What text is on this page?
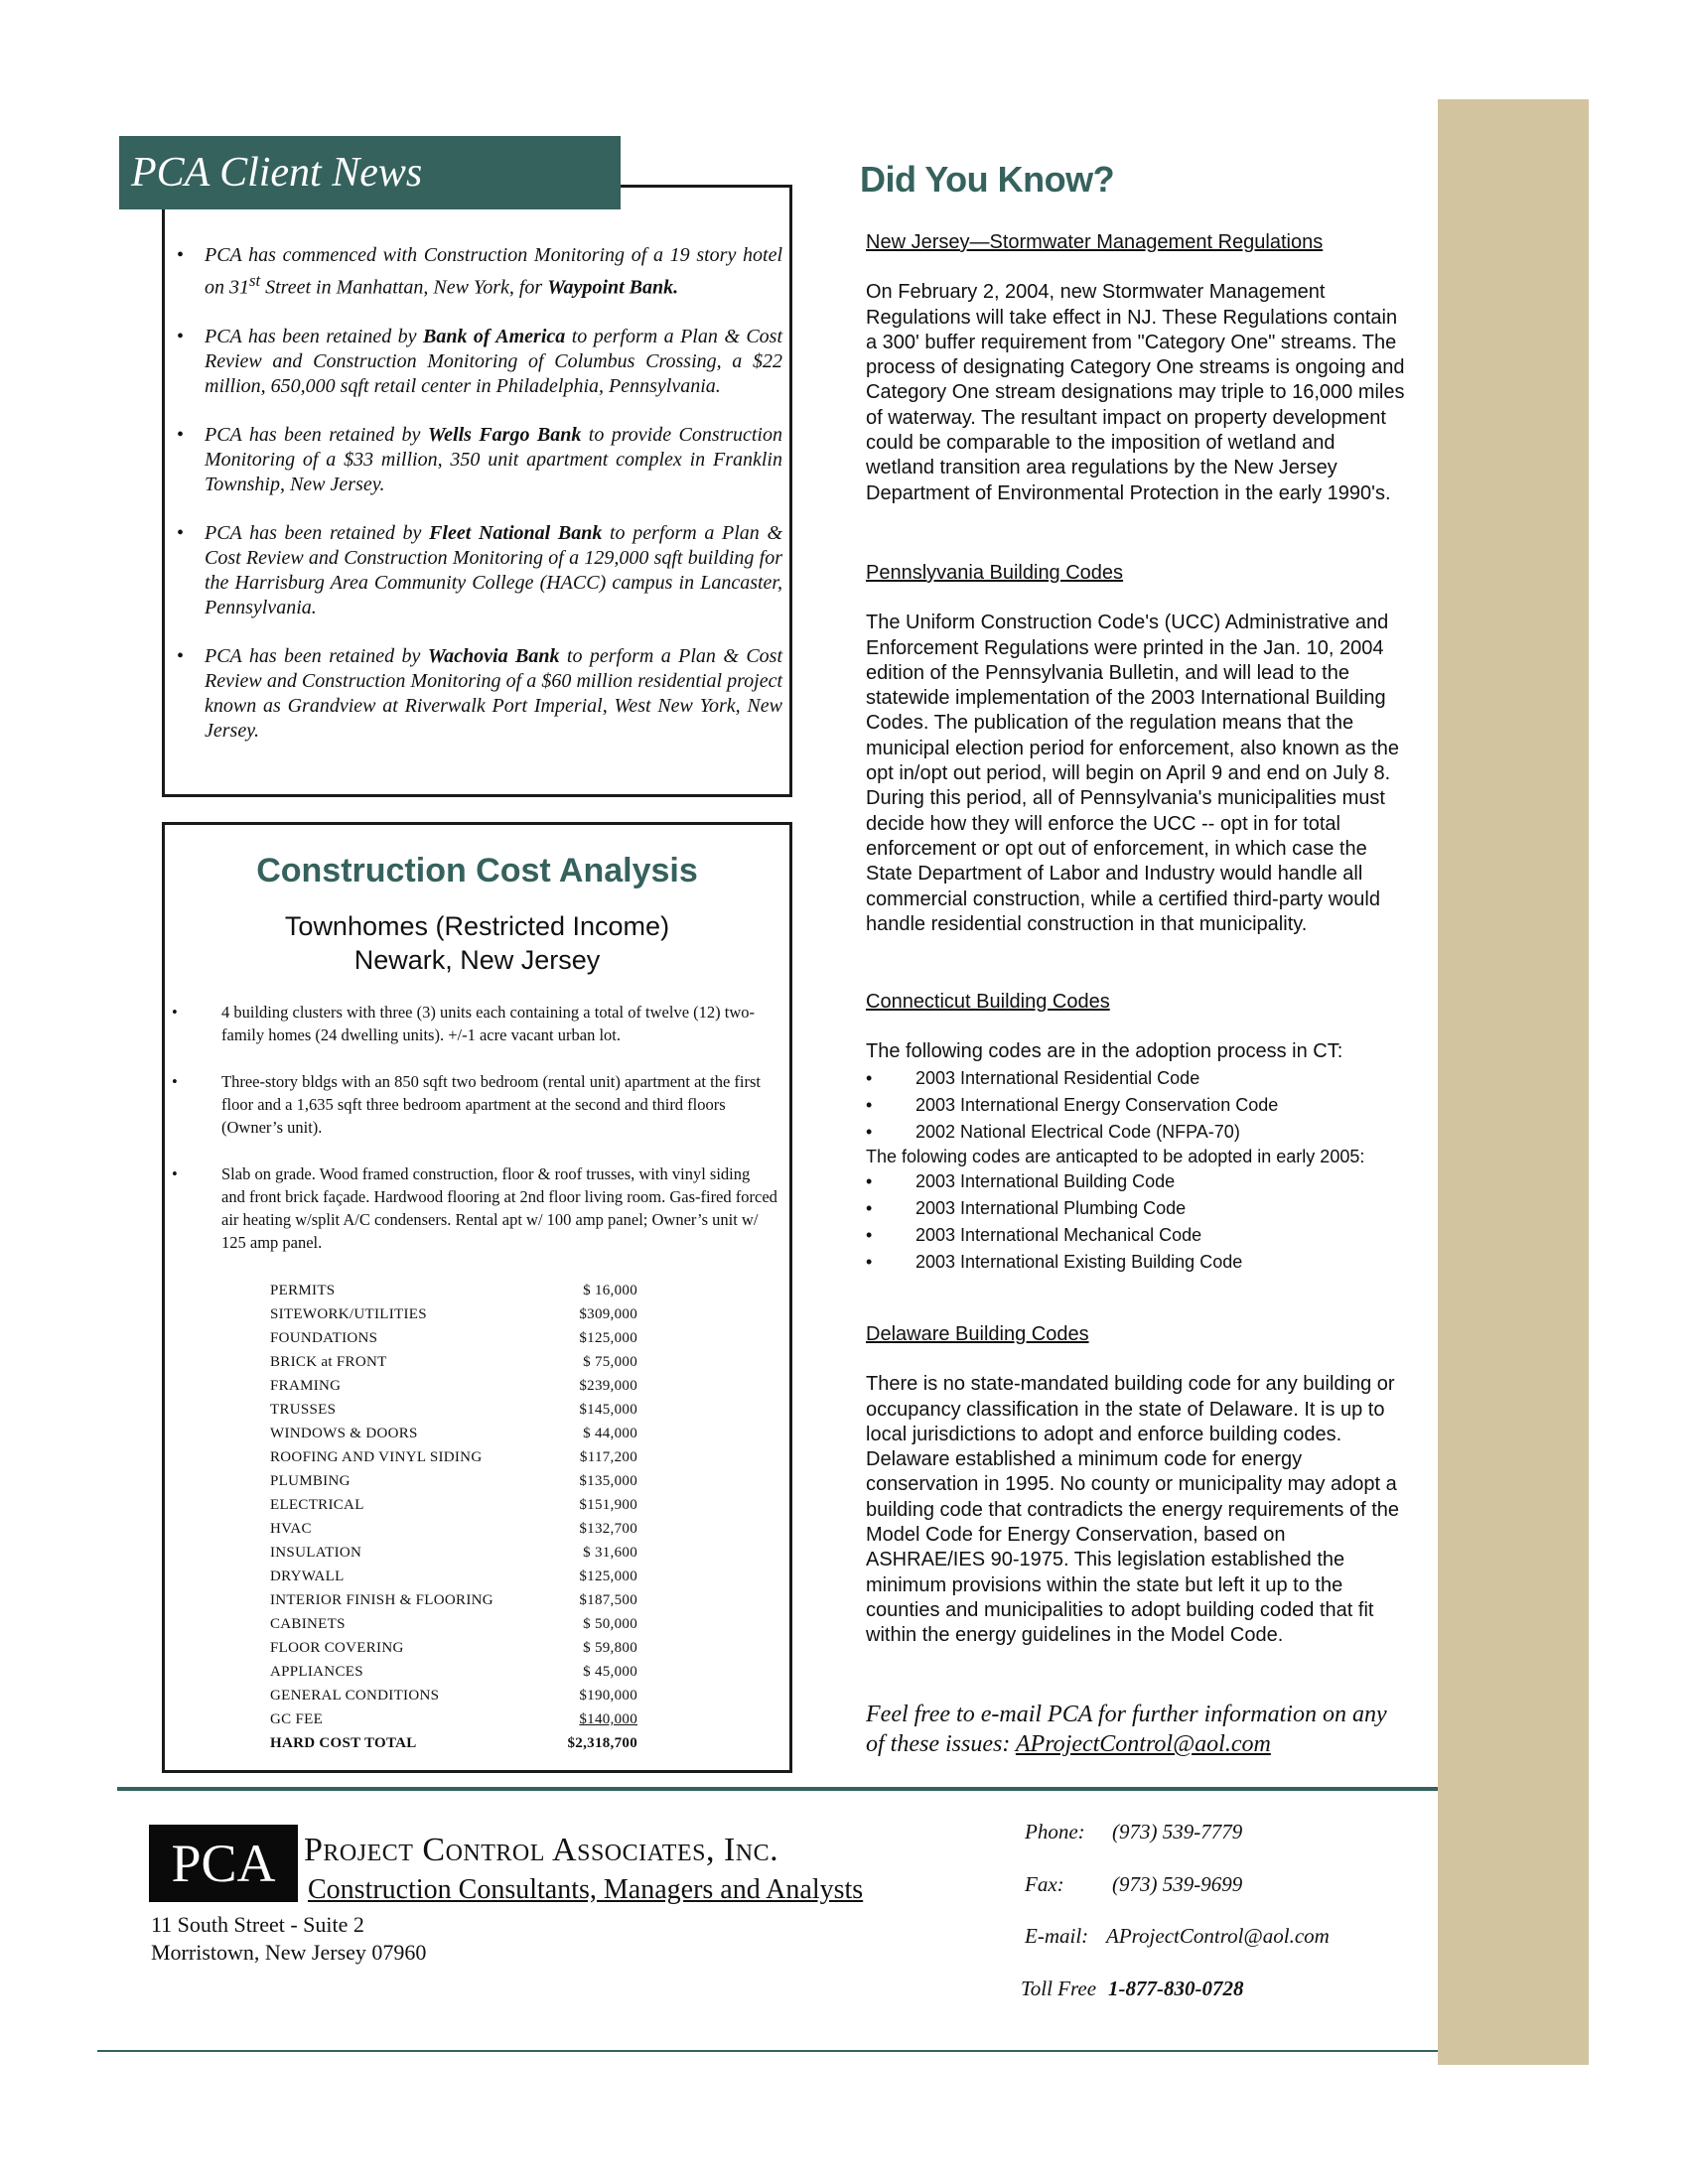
PCA Client News
• PCA has commenced with Construction Monitoring of a 19 story hotel on 31st Street in Manhattan, New York, for Waypoint Bank.
• PCA has been retained by Bank of America to perform a Plan & Cost Review and Construction Monitoring of Columbus Crossing, a $22 million, 650,000 sqft retail center in Philadelphia, Pennsylvania.
• PCA has been retained by Wells Fargo Bank to provide Construction Monitoring of a $33 million, 350 unit apartment complex in Franklin Township, New Jersey.
• PCA has been retained by Fleet National Bank to perform a Plan & Cost Review and Construction Monitoring of a 129,000 sqft building for the Harrisburg Area Community College (HACC) campus in Lancaster, Pennsylvania.
• PCA has been retained by Wachovia Bank to perform a Plan & Cost Review and Construction Monitoring of a $60 million residential project known as Grandview at Riverwalk Port Imperial, West New York, New Jersey.
Construction Cost Analysis
Townhomes (Restricted Income)
Newark, New Jersey
• 4 building clusters with three (3) units each containing a total of twelve (12) two-family homes (24 dwelling units). +/-1 acre vacant urban lot.
• Three-story bldgs with an 850 sqft two bedroom (rental unit) apartment at the first floor and a 1,635 sqft three bedroom apartment at the second and third floors (Owner’s unit).
• Slab on grade. Wood framed construction, floor & roof trusses, with vinyl siding and front brick façade. Hardwood flooring at 2nd floor living room. Gas-fired forced air heating w/split A/C condensers. Rental apt w/ 100 amp panel; Owner’s unit w/ 125 amp panel.
PERMITS	$ 16,000
SITEWORK/UTILITIES	$309,000
FOUNDATIONS	$125,000
BRICK at FRONT	$ 75,000
FRAMING	$239,000
TRUSSES	$145,000
WINDOWS & DOORS	$ 44,000
ROOFING AND VINYL SIDING	$117,200
PLUMBING	$135,000
ELECTRICAL	$151,900
HVAC	$132,700
INSULATION	$ 31,600
DRYWALL	$125,000
INTERIOR FINISH & FLOORING	$187,500
CABINETS	$ 50,000
FLOOR COVERING	$ 59,800
APPLIANCES	$ 45,000
GENERAL CONDITIONS	$190,000
GC FEE	$140,000
HARD COST TOTAL	$2,318,700
Did You Know?
New Jersey—Stormwater Management Regulations
On February 2, 2004, new Stormwater Management Regulations will take effect in NJ. These Regulations contain a 300' buffer requirement from "Category One" streams. The process of designating Category One streams is ongoing and Category One stream designations may triple to 16,000 miles of waterway. The resultant impact on property development could be comparable to the imposition of wetland and wetland transition area regulations by the New Jersey Department of Environmental Protection in the early 1990's.
Pennslyvania Building Codes
The Uniform Construction Code's (UCC) Administrative and Enforcement Regulations were printed in the Jan. 10, 2004 edition of the Pennsylvania Bulletin, and will lead to the statewide implementation of the 2003 International Building Codes. The publication of the regulation means that the municipal election period for enforcement, also known as the opt in/opt out period, will begin on April 9 and end on July 8. During this period, all of Pennsylvania's municipalities must decide how they will enforce the UCC -- opt in for total enforcement or opt out of enforcement, in which case the State Department of Labor and Industry would handle all commercial construction, while a certified third-party would handle residential construction in that municipality.
Connecticut Building Codes
The following codes are in the adoption process in CT:
• 2003 International Residential Code
• 2003 International Energy Conservation Code
• 2002 National Electrical Code (NFPA-70)
The folowing codes are anticapted to be adopted in early 2005:
• 2003 International Building Code
• 2003 International Plumbing Code
• 2003 International Mechanical Code
• 2003 International Existing Building Code
Delaware Building Codes
There is no state-mandated building code for any building or occupancy classification in the state of Delaware. It is up to local jurisdictions to adopt and enforce building codes. Delaware established a minimum code for energy conservation in 1995. No county or municipality may adopt a building code that contradicts the energy requirements of the Model Code for Energy Conservation, based on ASHRAE/IES 90-1975. This legislation established the minimum provisions within the state but left it up to the counties and municipalities to adopt building coded that fit within the energy guidelines in the Model Code.
Feel free to e-mail PCA for further information on any of these issues: AProjectControl@aol.com
PCA Project Control Associates, Inc.
Construction Consultants, Managers and Analysts
11 South Street - Suite 2
Morristown, New Jersey 07960
Phone: (973) 539-7779
Fax: (973) 539-9699
E-mail: AProjectControl@aol.com
Toll Free 1-877-830-0728
